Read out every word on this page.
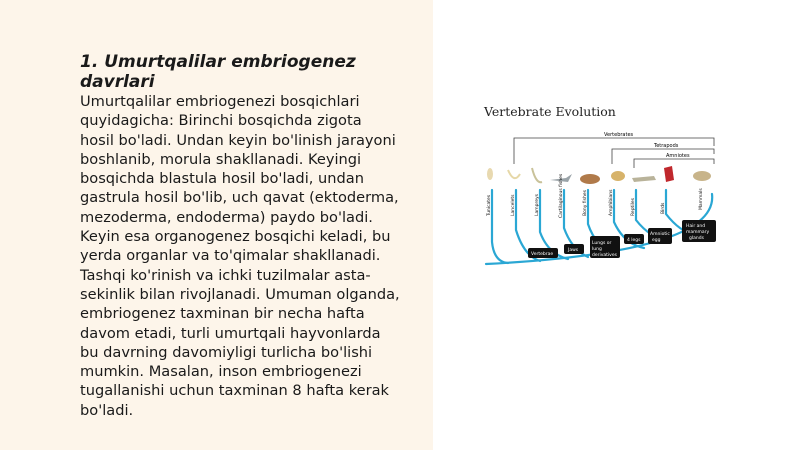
1. Umurtqalilar embriogenez davrlari

Umurtqalilar embriogenezi bosqichlari quyidagicha: Birinchi bosqichda zigota hosil bo'ladi. Undan keyin bo'linish jarayoni boshlanib, morula shakllanadi. Keyingi bosqichda blastula hosil bo'ladi, undan gastrula hosil bo'lib, uch qavat (ektoderma, mezoderma, endoderma) paydo bo'ladi. Keyin esa organogenez bosqichi keladi, bu yerda organlar va to'qimalar shakllanadi. Tashqi ko'rinish va ichki tuzilmalar asta-sekinlik bilan rivojlanadi. Umuman olganda, embriogenez taxminan bir necha hafta davom etadi, turli umurtqali hayvonlarda bu davrning davomiyligi turlicha bo'lishi mumkin. Masalan, inson embriogenezi tugallanishi uchun taxminan 8 hafta kerak bo'ladi.

Vertebrate Evolution
Vertebrates
Tetrapods
Amniotes
Tunicates	Lancelets	Lampreys	Cartilaginous fishes	Bony fishes	Amphibians	Reptiles	Birds	Mammals
Vertebrae
Jaws
Lungs or lung derivatives
4 legs
Amniotic egg
Hair and mammary glands
